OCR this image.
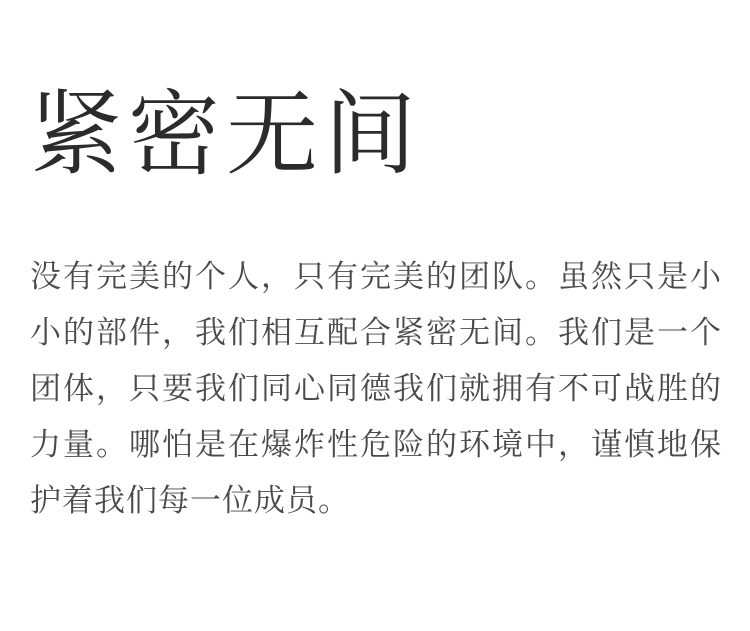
紧密无间

没有完美的个人，只有完美的团队。虽然只是小小的部件，我们相互配合紧密无间。我们是一个团体，只要我们同心同德我们就拥有不可战胜的力量。哪怕是在爆炸性危险的环境中，谨慎地保护着我们每一位成员。
